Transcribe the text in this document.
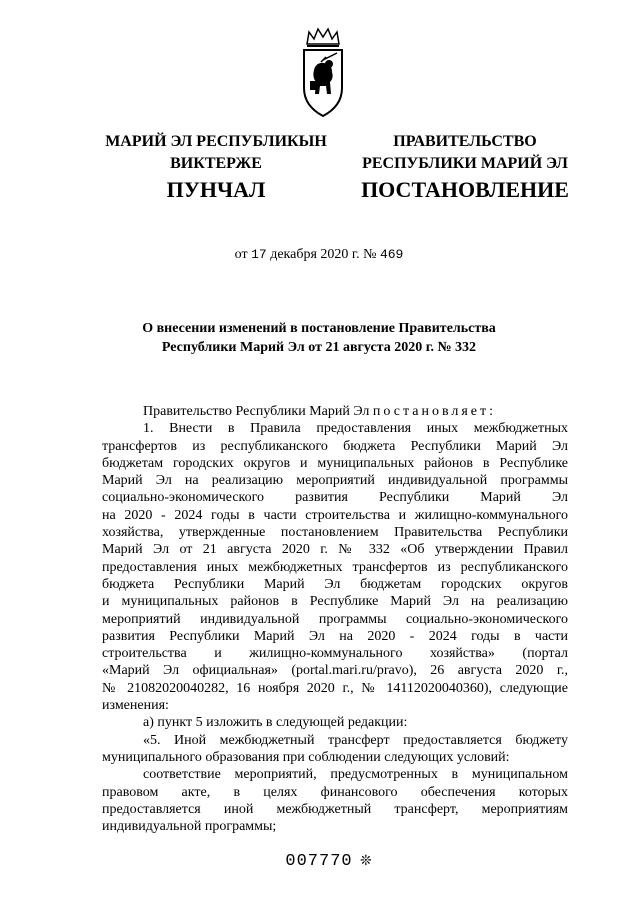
МАРИЙ ЭЛ РЕСПУБЛИКЫН
ВИКТЕРЖЕ
ПРАВИТЕЛЬСТВО
РЕСПУБЛИКИ МАРИЙ ЭЛ
ПУНЧАЛ	ПОСТАНОВЛЕНИЕ
от 17 декабря 2020 г. № 469
О внесении изменений в постановление Правительства
Республики Марий Эл от 21 августа 2020 г. № 332

Правительство Республики Марий Эл постановляет:

1. Внести в Правила предоставления иных межбюджетных
трансфертов из республиканского бюджета Республики Марий Эл
бюджетам городских округов и муниципальных районов в Республике
Марий Эл на реализацию мероприятий индивидуальной программы
социально-экономического развития Республики Марий Эл
на 2020 - 2024 годы в части строительства и жилищно-коммунального
хозяйства, утвержденные постановлением Правительства Республики
Марий Эл от 21 августа 2020 г. № 332 «Об утверждении Правил
предоставления иных межбюджетных трансфертов из республиканского
бюджета Республики Марий Эл бюджетам городских округов
и муниципальных районов в Республике Марий Эл на реализацию
мероприятий индивидуальной программы социально-экономического
развития Республики Марий Эл на 2020 - 2024 годы в части
строительства и жилищно-коммунального хозяйства» (портал
«Марий Эл официальная» (portal.mari.ru/pravo), 26 августа 2020 г.,
№ 21082020040282, 16 ноября 2020 г., № 14112020040360), следующие
изменения:
а) пункт 5 изложить в следующей редакции:
«5. Иной межбюджетный трансферт предоставляется бюджету
муниципального образования при соблюдении следующих условий:
соответствие мероприятий, предусмотренных в муниципальном
правовом акте, в целях финансового обеспечения которых
предоставляется иной межбюджетный трансферт, мероприятиям
индивидуальной программы;
007770 ❊
